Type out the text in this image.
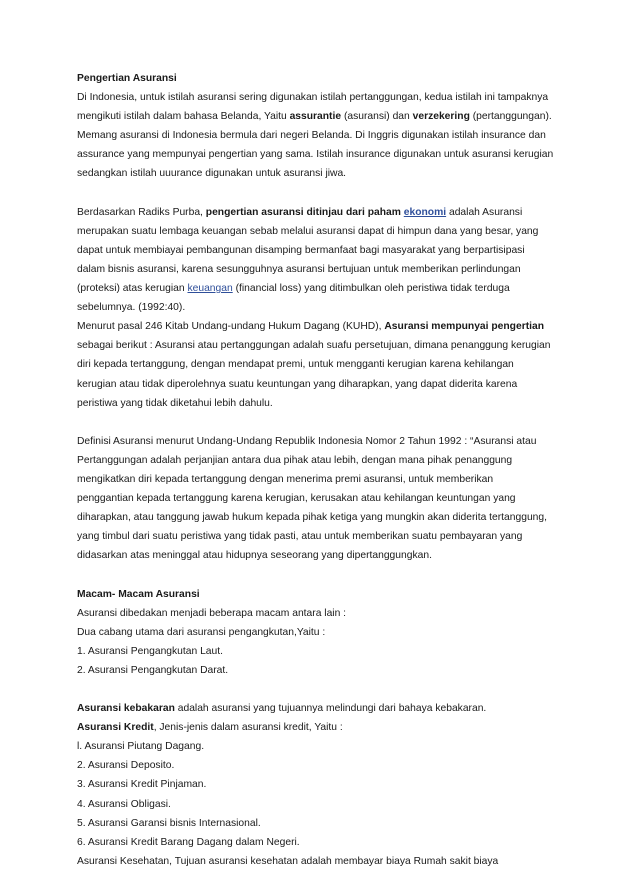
Pengertian Asuransi
Di Indonesia, untuk istilah asuransi sering digunakan istilah pertanggungan, kedua istilah ini tampaknya
mengikuti istilah dalam bahasa Belanda, Yaitu assurantie (asuransi) dan verzekering (pertanggungan).
Memang asuransi di Indonesia bermula dari negeri Belanda. Di Inggris digunakan istilah insurance dan
assurance yang mempunyai pengertian yang sama. Istilah insurance digunakan untuk asuransi kerugian
sedangkan istilah uuurance digunakan untuk asuransi jiwa.
Berdasarkan Radiks Purba, pengertian asuransi ditinjau dari paham ekonomi adalah Asuransi
merupakan suatu lembaga keuangan sebab melalui asuransi dapat di himpun dana yang besar, yang
dapat untuk membiayai pembangunan disamping bermanfaat bagi masyarakat yang berpartisipasi
dalam bisnis asuransi, karena sesungguhnya asuransi bertujuan untuk memberikan perlindungan
(proteksi) atas kerugian keuangan (financial loss) yang ditimbulkan oleh peristiwa tidak terduga
sebelumnya. (1992:40).
Menurut pasal 246 Kitab Undang-undang Hukum Dagang (KUHD), Asuransi mempunyai pengertian
sebagai berikut : Asuransi atau pertanggungan adalah suafu persetujuan, dimana penanggung kerugian
diri kepada tertanggung, dengan mendapat premi, untuk mengganti kerugian karena kehilangan
kerugian atau tidak diperolehnya suatu keuntungan yang diharapkan, yang dapat diderita karena
peristiwa yang tidak diketahui lebih dahulu.
Definisi Asuransi menurut Undang-Undang Republik Indonesia Nomor 2 Tahun 1992 : “Asuransi atau
Pertanggungan adalah perjanjian antara dua pihak atau lebih, dengan mana pihak penanggung
mengikatkan diri kepada tertanggung dengan menerima premi asuransi, untuk memberikan
penggantian kepada tertanggung karena kerugian, kerusakan atau kehilangan keuntungan yang
diharapkan, atau tanggung jawab hukum kepada pihak ketiga yang mungkin akan diderita tertanggung,
yang timbul dari suatu peristiwa yang tidak pasti, atau untuk memberikan suatu pembayaran yang
didasarkan atas meninggal atau hidupnya seseorang yang dipertanggungkan.
Macam- Macam Asuransi
Asuransi dibedakan menjadi beberapa macam antara lain :
Dua cabang utama dari asuransi pengangkutan,Yaitu :
1. Asuransi Pengangkutan Laut.
2. Asuransi Pengangkutan Darat.
Asuransi kebakaran adalah asuransi yang tujuannya melindungi dari bahaya kebakaran.
Asuransi Kredit, Jenis-jenis dalam asuransi kredit, Yaitu :
l. Asuransi Piutang Dagang.
2. Asuransi Deposito.
3. Asuransi Kredit Pinjaman.
4. Asuransi Obligasi.
5. Asuransi Garansi bisnis Internasional.
6. Asuransi Kredit Barang Dagang dalam Negeri.
Asuransi Kesehatan, Tujuan asuransi kesehatan adalah membayar biaya Rumah sakit biaya
